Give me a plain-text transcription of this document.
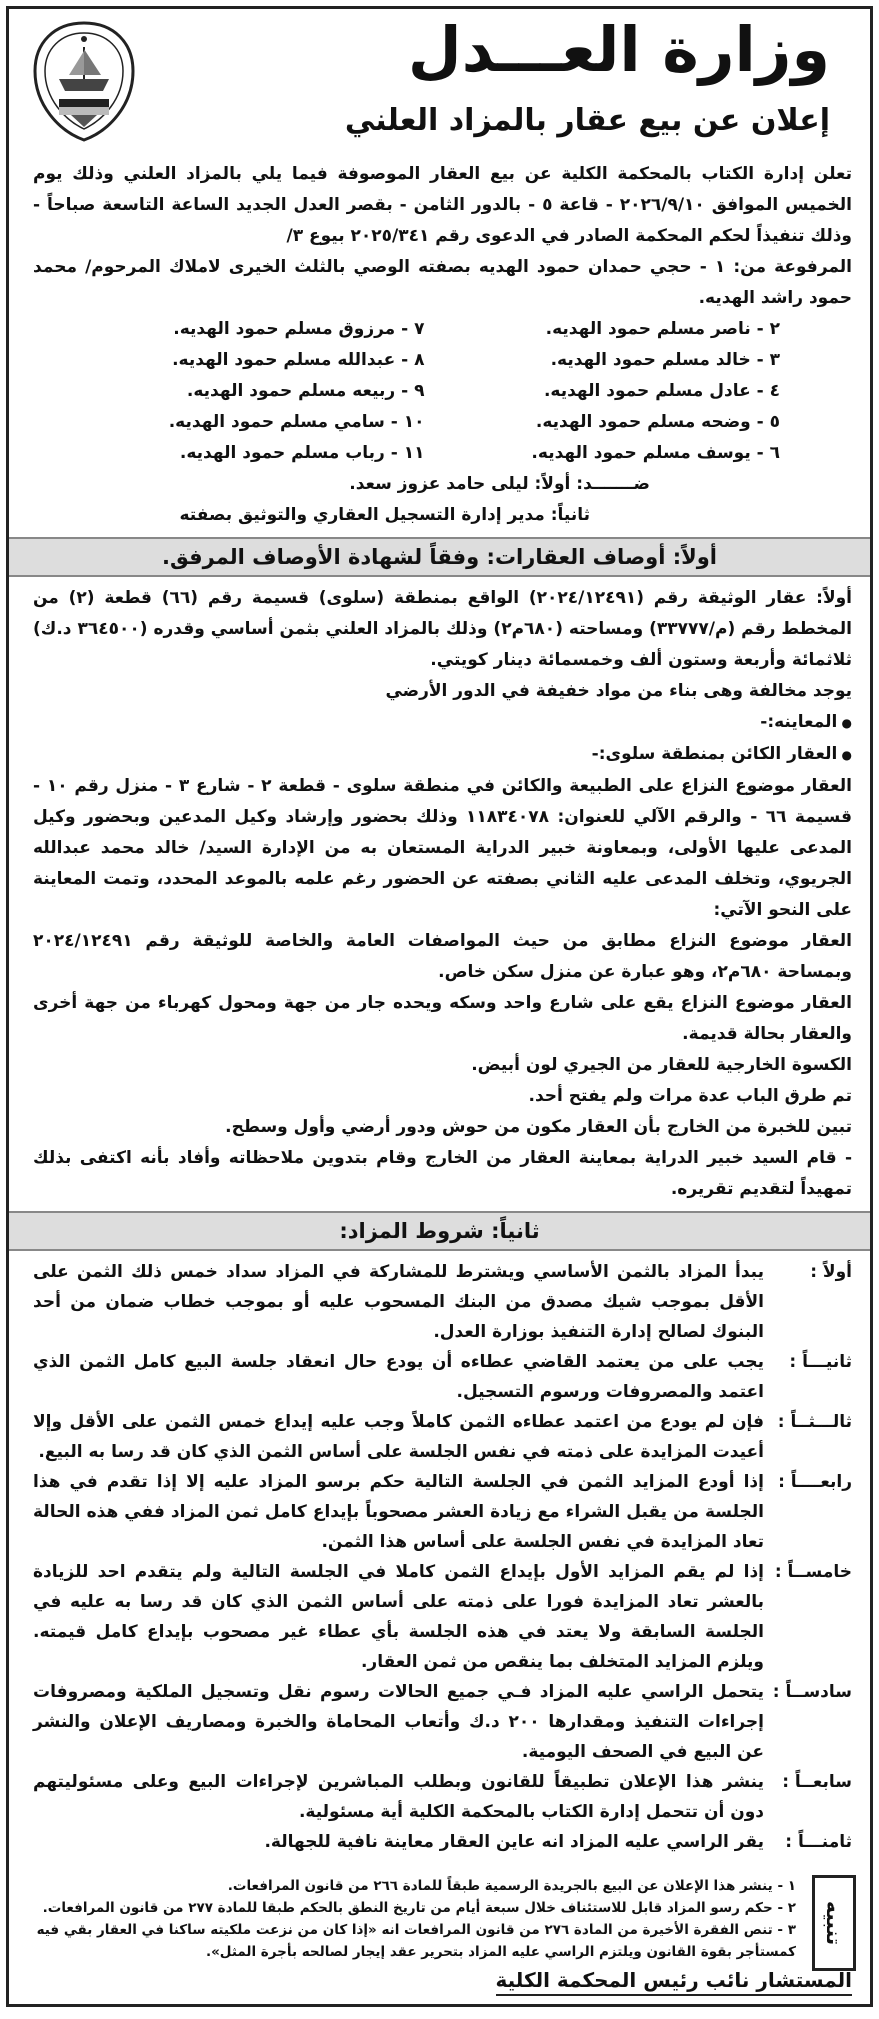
وزارة العـــدل
إعلان عن بيع عقار بالمزاد العلني
تعلن إدارة الكتاب بالمحكمة الكلية عن بيع العقار الموصوفة فيما يلي بالمزاد العلني وذلك يوم الخميس الموافق ٢٠٢٦/٩/١٠ - قاعة ٥ - بالدور الثامن - بقصر العدل الجديد الساعة التاسعة صباحاً - وذلك تنفيذاً لحكم المحكمة الصادر في الدعوى رقم ٢٠٢٥/٣٤١ بيوع ٣/
المرفوعة من: ١ - حجي حمدان حمود الهديه بصفته الوصي بالثلث الخيرى لاملاك المرحوم/ محمد حمود راشد الهديه.
٢ - ناصر مسلم حمود الهديه.
٧ - مرزوق مسلم حمود الهديه.
٣ - خالد مسلم حمود الهديه.
٨ - عبدالله مسلم حمود الهديه.
٤ - عادل مسلم حمود الهديه.
٩ - ربيعه مسلم حمود الهديه.
٥ - وضحه مسلم حمود الهديه.
١٠ - سامي مسلم حمود الهديه.
٦ - يوسف مسلم حمود الهديه.
١١ - رباب مسلم حمود الهديه.
ضـــــــد: أولاً: ليلى حامد عزوز سعد.
ثانياً: مدير إدارة التسجيل العقاري والتوثيق بصفته
أولاً: أوصاف العقارات: وفقاً لشهادة الأوصاف المرفق.
أولاً: عقار الوثيقة رقم (٢٠٢٤/١٢٤٩١) الواقع بمنطقة (سلوى) قسيمة رقم (٦٦) قطعة (٢) من المخطط رقم (م/٣٣٧٧٧) ومساحته (٦٨٠م٢) وذلك بالمزاد العلني بثمن أساسي وقدره (٣٦٤٥٠٠ د.ك) ثلاثمائة وأربعة وستون ألف وخمسمائة دينار كويتي.
يوجد مخالفة وهى بناء من مواد خفيفة في الدور الأرضي
● المعاينه:-
● العقار الكائن بمنطقة سلوى:-
العقار موضوع النزاع على الطبيعة والكائن في منطقة سلوى - قطعة ٢ - شارع ٣ - منزل رقم ١٠ - قسيمة ٦٦ - والرقم الآلي للعنوان: ١١٨٣٤٠٧٨ وذلك بحضور وإرشاد وكيل المدعين وبحضور وكيل المدعى عليها الأولى، وبمعاونة خبير الدراية المستعان به من الإدارة السيد/ خالد محمد عبدالله الجريوي، وتخلف المدعى عليه الثاني بصفته عن الحضور رغم علمه بالموعد المحدد، وتمت المعاينة على النحو الآتي:
العقار موضوع النزاع مطابق من حيث المواصفات العامة والخاصة للوثيقة رقم ٢٠٢٤/١٢٤٩١ وبمساحة ٦٨٠م٢، وهو عبارة عن منزل سكن خاص.
العقار موضوع النزاع يقع على شارع واحد وسكه ويحده جار من جهة ومحول كهرباء من جهة أخرى والعقار بحالة قديمة.
الكسوة الخارجية للعقار من الجيري لون أبيض.
تم طرق الباب عدة مرات ولم يفتح أحد.
تبين للخبرة من الخارج بأن العقار مكون من حوش ودور أرضي وأول وسطح.
- قام السيد خبير الدراية بمعاينة العقار من الخارج وقام بتدوين ملاحظاته وأفاد بأنه اكتفى بذلك تمهيداً لتقديم تقريره.
ثانياً: شروط المزاد:
أولاً :
يبدأ المزاد بالثمن الأساسي ويشترط للمشاركة في المزاد سداد خمس ذلك الثمن على الأقل بموجب شيك مصدق من البنك المسحوب عليه أو بموجب خطاب ضمان من أحد البنوك لصالح إدارة التنفيذ بوزارة العدل.
ثانيـــاً :
يجب على من يعتمد القاضي عطاءه أن يودع حال انعقاد جلسة البيع كامل الثمن الذي اعتمد والمصروفات ورسوم التسجيل.
ثالـــثــاً :
فإن لم يودع من اعتمد عطاءه الثمن كاملاً وجب عليه إيداع خمس الثمن على الأقل وإلا أعيدت المزايدة على ذمته في نفس الجلسة على أساس الثمن الذي كان قد رسا به البيع.
رابعــــاً :
إذا أودع المزايد الثمن في الجلسة التالية حكم برسو المزاد عليه إلا إذا تقدم في هذا الجلسة من يقبل الشراء مع زيادة العشر مصحوباً بإيداع كامل ثمن المزاد ففي هذه الحالة تعاد المزايدة في نفس الجلسة على أساس هذا الثمن.
خامســاً :
إذا لم يقم المزايد الأول بإيداع الثمن كاملا في الجلسة التالية ولم يتقدم احد للزيادة بالعشر تعاد المزايدة فورا على ذمته على أساس الثمن الذي كان قد رسا به عليه في الجلسة السابقة ولا يعتد في هذه الجلسة بأي عطاء غير مصحوب بإيداع كامل قيمته. ويلزم المزايد المتخلف بما ينقص من ثمن العقار.
سادســاً :
يتحمل الراسي عليه المزاد فـي جميع الحالات رسوم نقل وتسجيل الملكية ومصروفات إجراءات التنفيذ ومقدارها ٢٠٠ د.ك وأتعاب المحاماة والخبرة ومصاريف الإعلان والنشر عن البيع في الصحف اليومية.
سابعــاً :
ينشر هذا الإعلان تطبيقاً للقانون وبطلب المباشرين لإجراءات البيع وعلى مسئوليتهم دون أن تتحمل إدارة الكتاب بالمحكمة الكلية أية مسئولية.
ثامنـــاً :
يقر الراسي عليه المزاد انه عاين العقار معاينة نافية للجهالة.
تنبيه
١ - ينشر هذا الإعلان عن البيع بالجريدة الرسمية طبقاً للمادة ٢٦٦ من قانون المرافعات.
٢ - حكم رسو المزاد قابل للاستئناف خلال سبعة أيام من تاريخ النطق بالحكم طبقا للمادة ٢٧٧ من قانون المرافعات.
٣ - تنص الفقرة الأخيرة من المادة ٢٧٦ من قانون المرافعات انه «إذا كان من نزعت ملكيته ساكنا في العقار بقي فيه كمستأجر بقوة القانون ويلتزم الراسي عليه المزاد بتحرير عقد إيجار لصالحه بأجرة المثل».
المستشار نائب رئيس المحكمة الكلية
